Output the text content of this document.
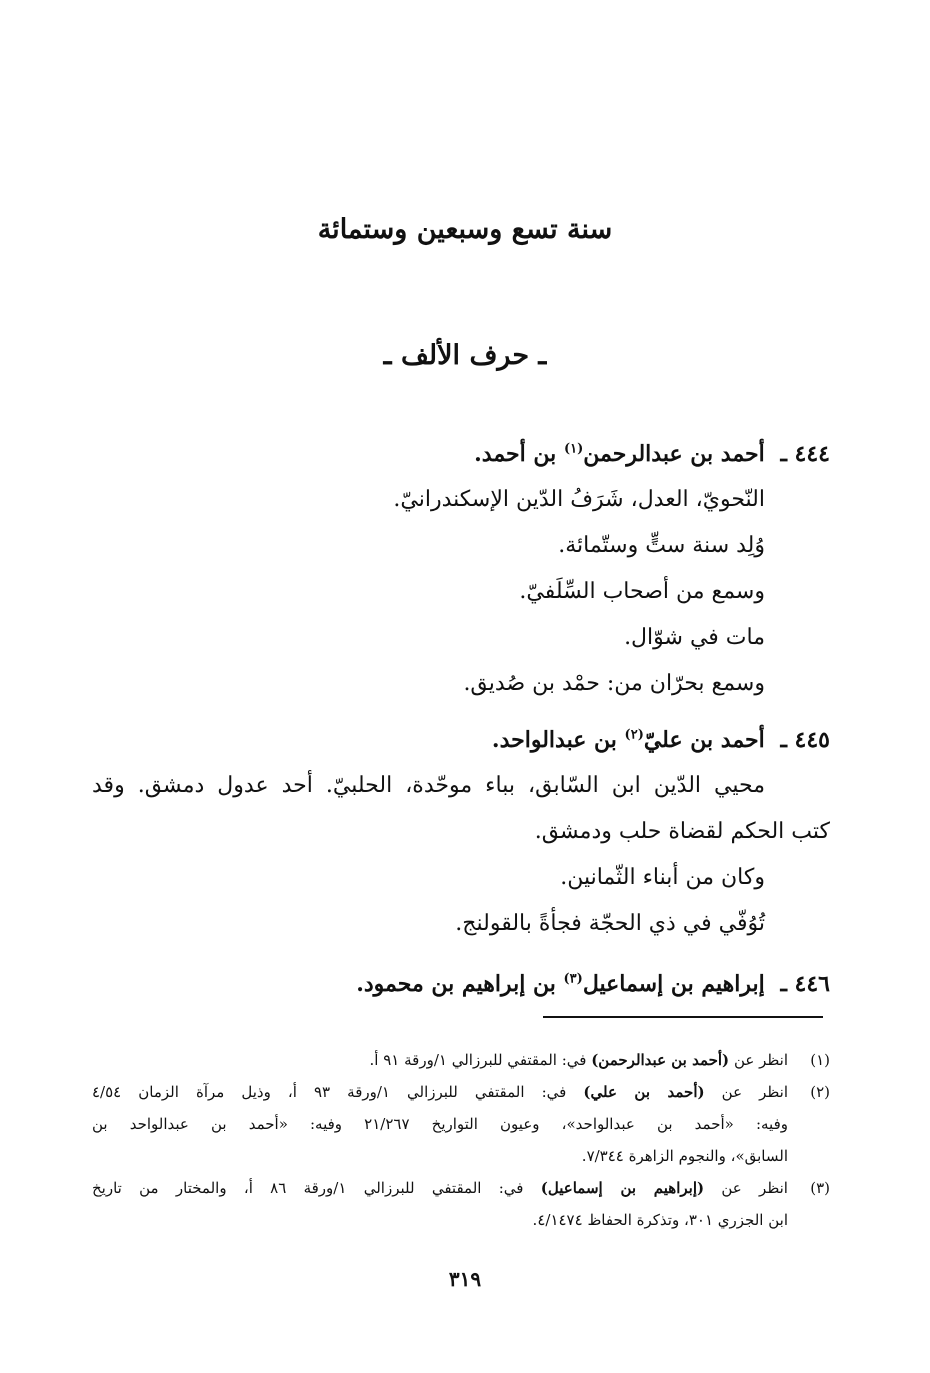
سنة تسع وسبعين وستمائة
ـ حرف الألف ـ
٤٤٤ ـ أحمد بن عبدالرحمن$^{(١)}$ بن أحمد.
النّحويّ، العدل، شَرَفُ الدّين الإسكندرانيّ.
وُلِد سنة ستٍّ وستّمائة.
وسمع من أصحاب السِّلَفيّ.
مات في شوّال.
وسمع بحرّان من: حمْد بن صُديق.
٤٤٥ ـ أحمد بن عليّ$^{(٢)}$ بن عبدالواحد.
محيي الدّين ابن السّابق، بباء موحّدة، الحلبيّ. أحد عدول دمشق. وقد
كتب الحكم لقضاة حلب ودمشق.
وكان من أبناء الثّمانين.
تُوُفّي في ذي الحجّة فجأةً بالقولنج.
٤٤٦ ـ إبراهيم بن إسماعيل$^{(٣)}$ بن إبراهيم بن محمود.
(١)
انظر عن (أحمد بن عبدالرحمن) في: المقتفي للبرزالي ١/ورقة ٩١ أ.
(٢)
انظر عن (أحمد بن علي) في: المقتفي للبرزالي ١/ورقة ٩٣ أ، وذيل مرآة الزمان ٤/٥٤
وفيه: «أحمد بن عبدالواحد»، وعيون التواريخ ٢١/٢٦٧ وفيه: «أحمد بن عبدالواحد بن
السابق»، والنجوم الزاهرة ٧/٣٤٤.
(٣)
انظر عن (إبراهيم بن إسماعيل) في: المقتفي للبرزالي ١/ورقة ٨٦ أ، والمختار من تاريخ
ابن الجزري ٣٠١، وتذكرة الحفاظ ٤/١٤٧٤.
٣١٩
